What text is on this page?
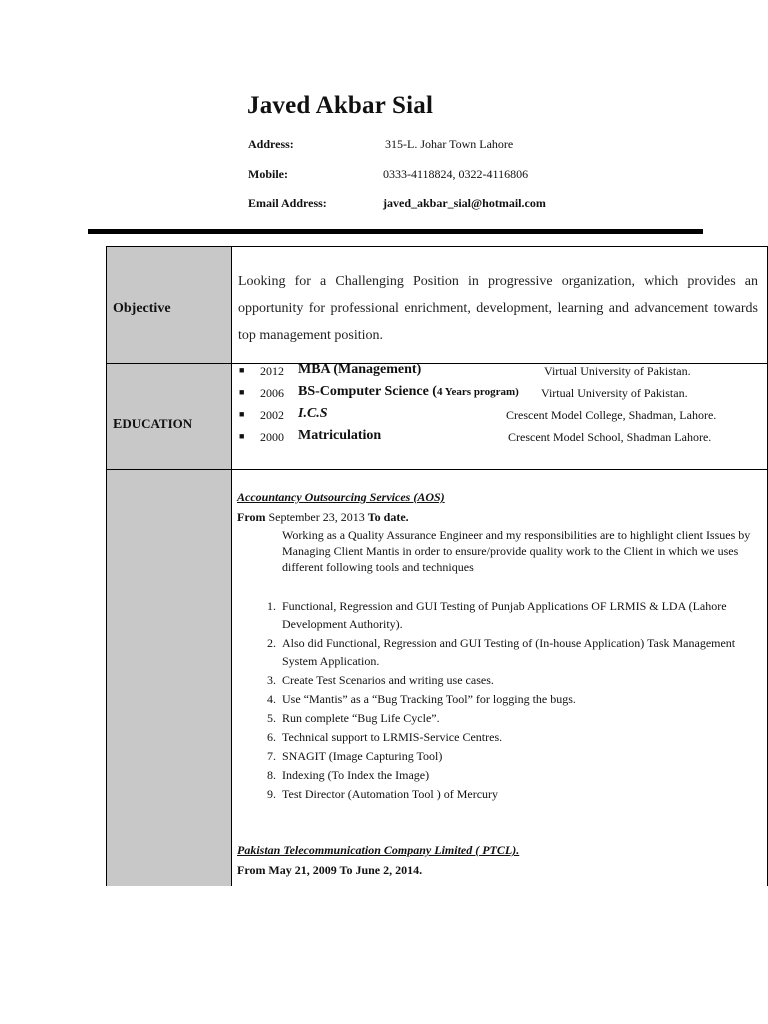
Javed Akbar Sial
Address:	315-L. Johar Town Lahore
Mobile:	0333-4118824, 0322-4116806
Email Address:	javed_akbar_sial@hotmail.com
Objective
Looking for a Challenging Position in progressive organization, which provides an opportunity for professional enrichment, development, learning and advancement towards top management position.
EDUCATION
■ 2012 MBA (Management)	Virtual University of Pakistan.
■ 2006 BS-Computer Science (4 Years program) Virtual University of Pakistan.
■ 2002 I.C.S	Crescent Model College, Shadman, Lahore.
■ 2000 Matriculation	Crescent Model School, Shadman Lahore.
Accountancy Outsourcing Services (AOS)
From September 23, 2013 To date.
Working as a Quality Assurance Engineer and my responsibilities are to highlight client Issues by Managing Client Mantis in order to ensure/provide quality work to the Client in which we uses different following tools and techniques
1. Functional, Regression and GUI Testing of Punjab Applications OF LRMIS & LDA (Lahore Development Authority).
2. Also did Functional, Regression and GUI Testing of (In-house Application) Task Management System Application.
3. Create Test Scenarios and writing use cases.
4. Use “Mantis” as a “Bug Tracking Tool” for logging the bugs.
5. Run complete “Bug Life Cycle”.
6. Technical support to LRMIS-Service Centres.
7. SNAGIT (Image Capturing Tool)
8. Indexing (To Index the Image)
9. Test Director (Automation Tool ) of Mercury
Pakistan Telecommunication Company Limited ( PTCL).
From May 21, 2009 To June 2, 2014.
